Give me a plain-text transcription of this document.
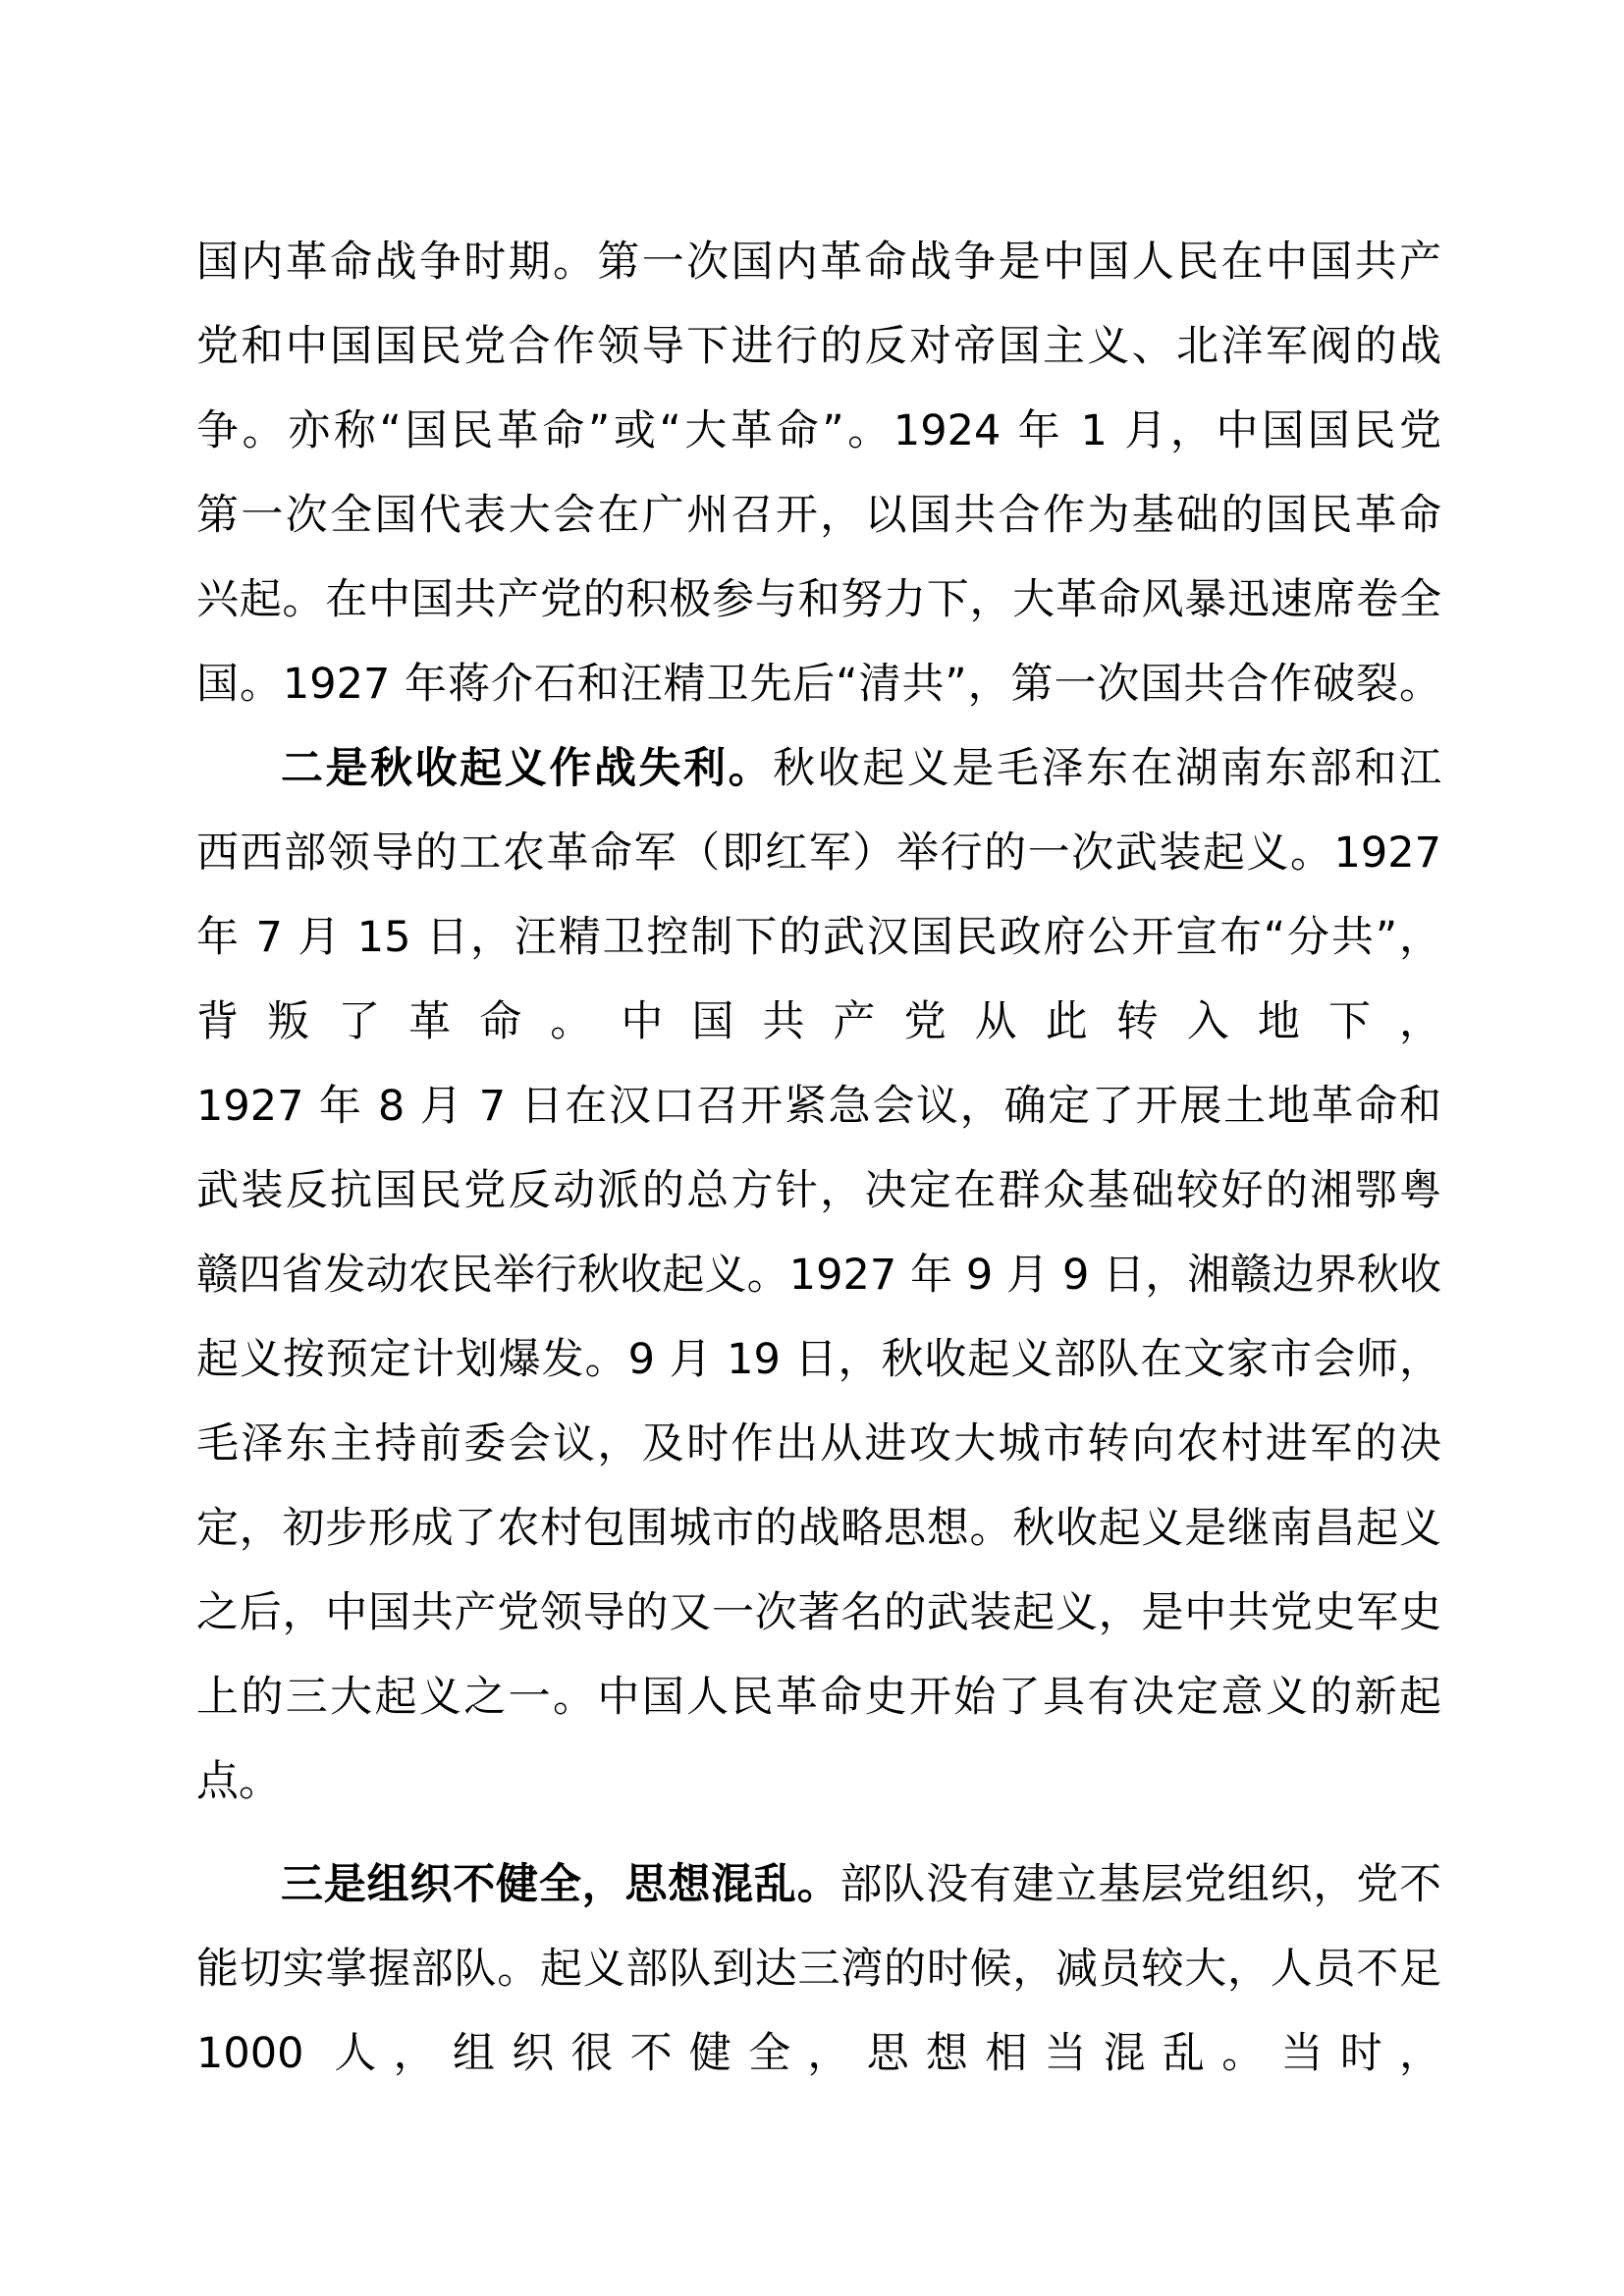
国内革命战争时期。第一次国内革命战争是中国人民在中国共产
党和中国国民党合作领导下进行的反对帝国主义、北洋军阀的战
争。亦称“国民革命”或“大革命”。1924 年 1 月，中国国民党
第一次全国代表大会在广州召开，以国共合作为基础的国民革命
兴起。在中国共产党的积极参与和努力下，大革命风暴迅速席卷全
国。1927 年蒋介石和汪精卫先后“清共”，第一次国共合作破裂。
二是秋收起义作战失利。秋收起义是毛泽东在湖南东部和江
西西部领导的工农革命军（即红军）举行的一次武装起义。1927
年 7 月 15 日，汪精卫控制下的武汉国民政府公开宣布“分共”，
背叛了革命。中国共产党从此转入地下，
1927 年 8 月 7 日在汉口召开紧急会议，确定了开展土地革命和
武装反抗国民党反动派的总方针，决定在群众基础较好的湘鄂粤
赣四省发动农民举行秋收起义。1927 年 9 月 9 日，湘赣边界秋收
起义按预定计划爆发。9 月 19 日，秋收起义部队在文家市会师，
毛泽东主持前委会议，及时作出从进攻大城市转向农村进军的决
定，初步形成了农村包围城市的战略思想。秋收起义是继南昌起义
之后，中国共产党领导的又一次著名的武装起义，是中共党史军史
上的三大起义之一。中国人民革命史开始了具有决定意义的新起
点。
三是组织不健全，思想混乱。部队没有建立基层党组织，党不
能切实掌握部队。起义部队到达三湾的时候，减员较大，人员不足
1000 人，组织很不健全，思想相当混乱。当时，
